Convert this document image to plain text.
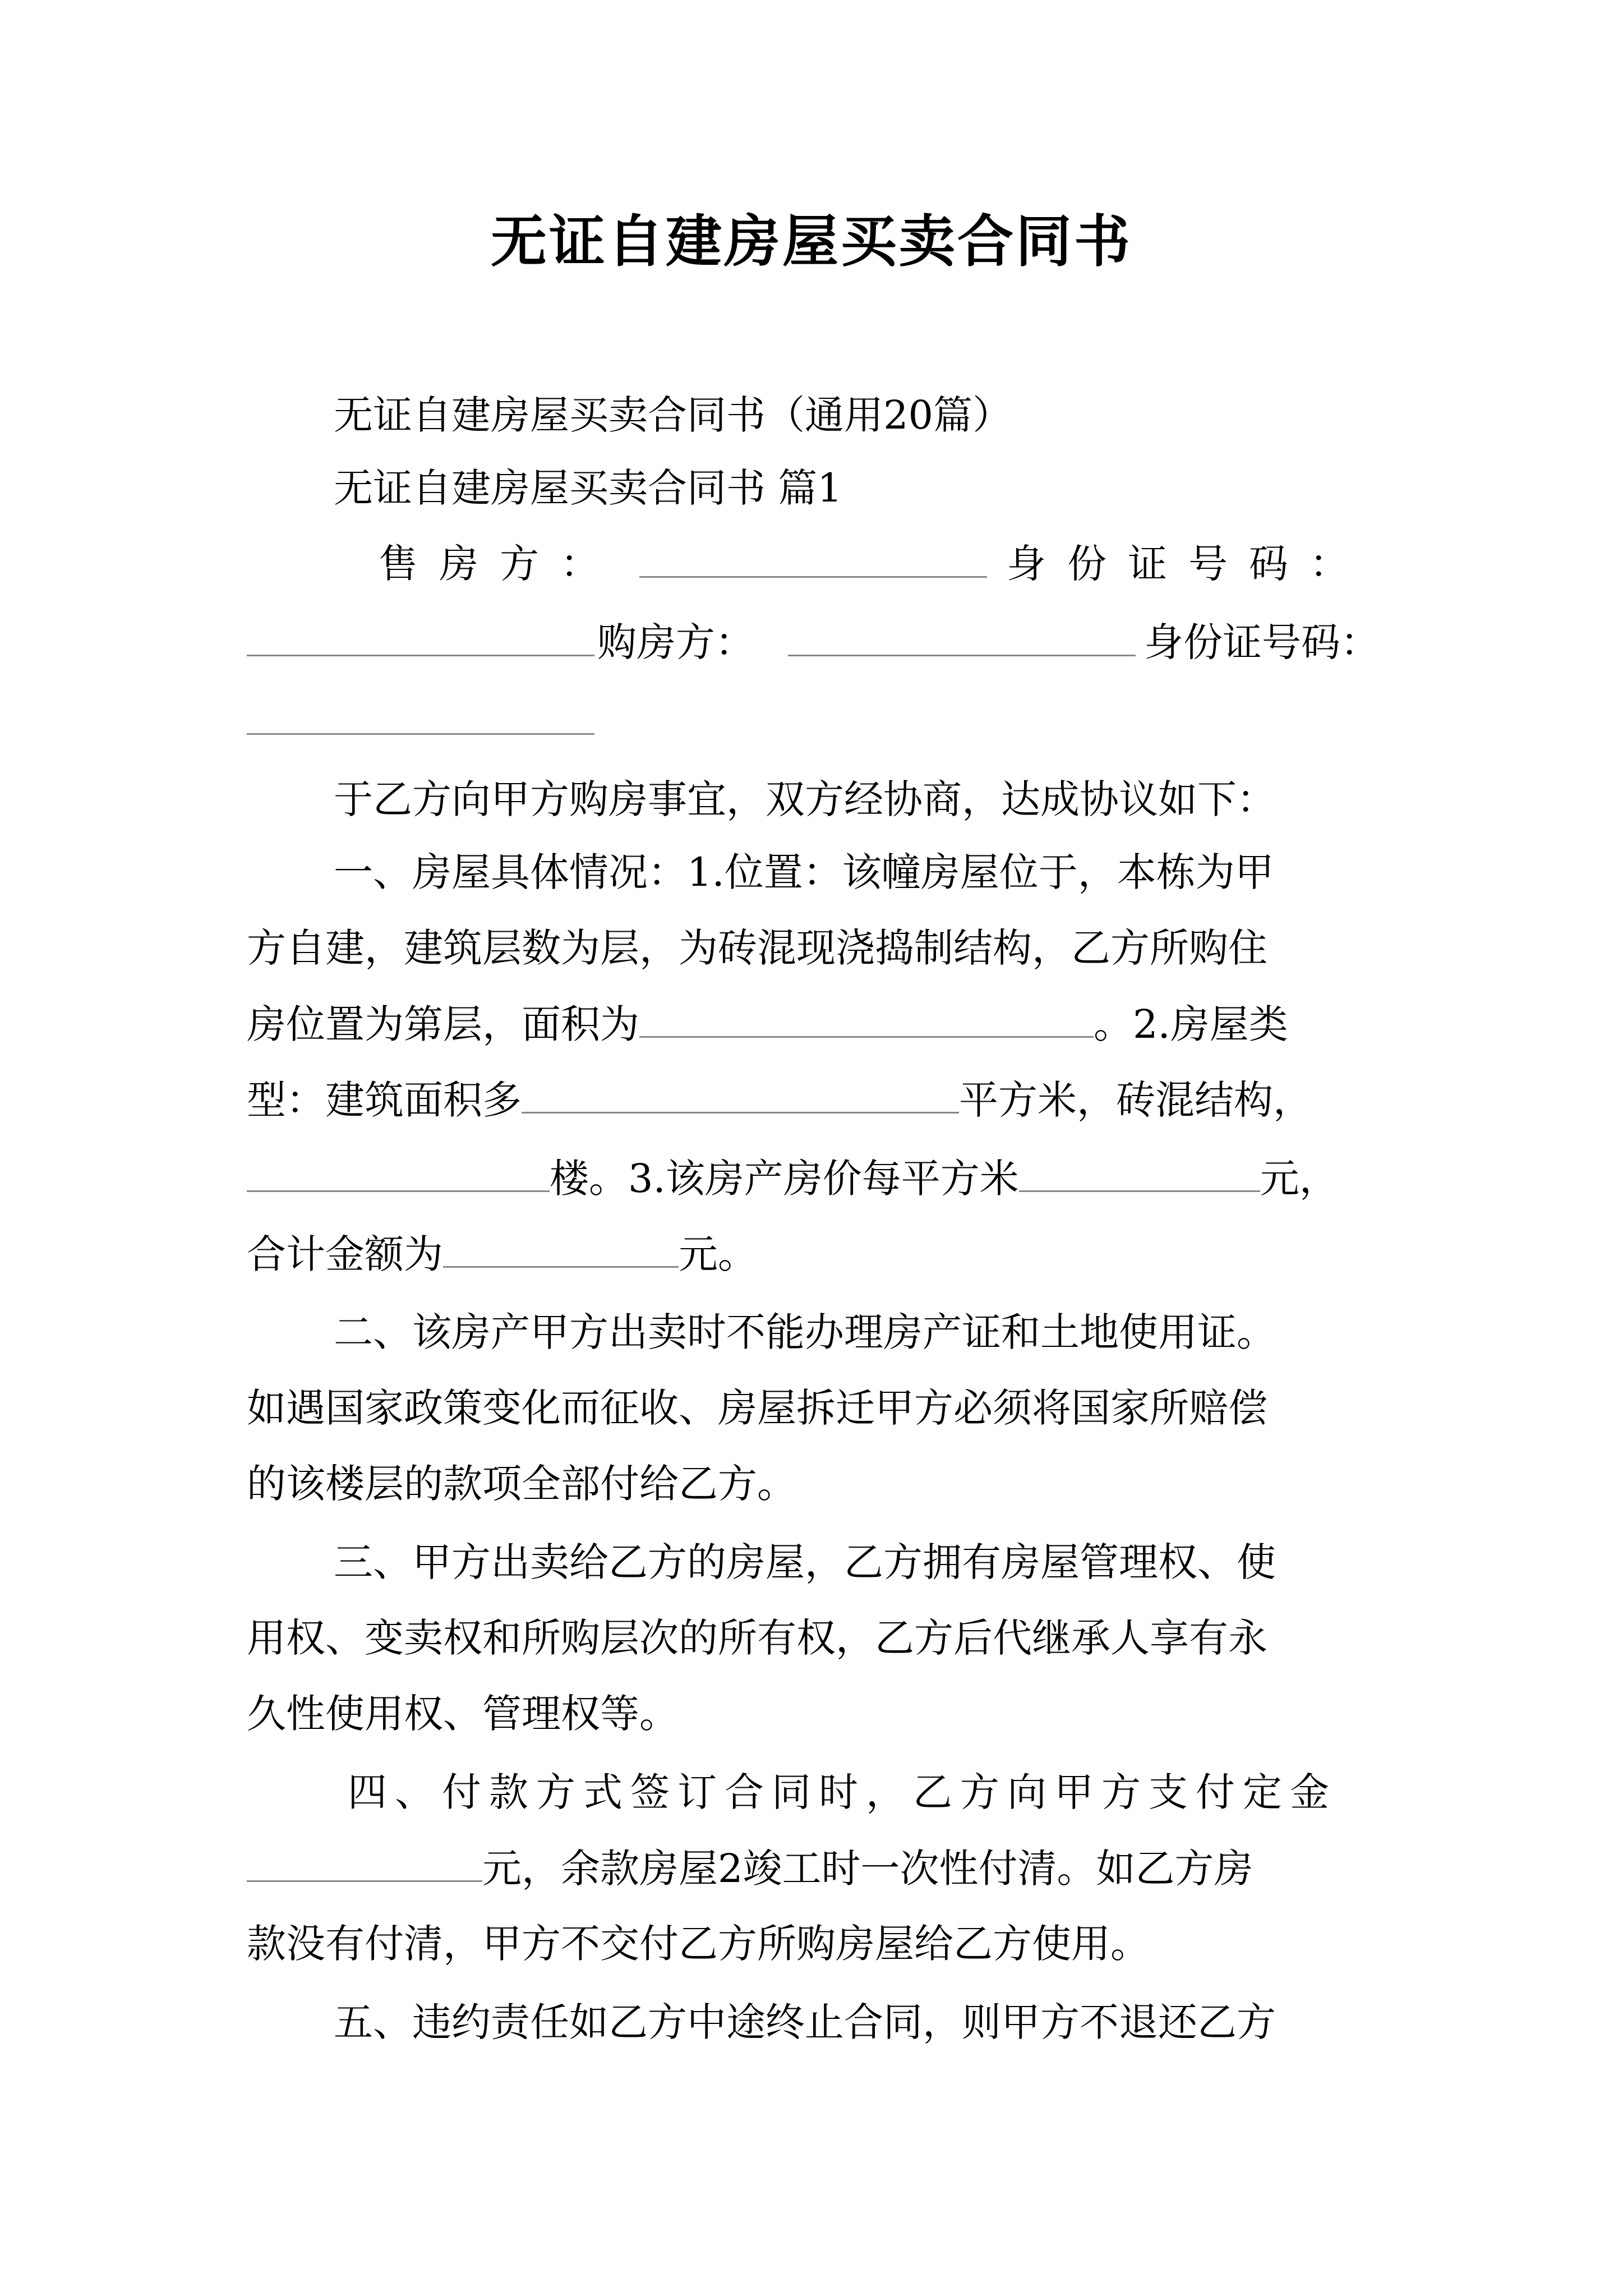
无证自建房屋买卖合同书
无证自建房屋买卖合同书（通用20篇）
无证自建房屋买卖合同书 篇1
售房方：	身份证号码：
购房方：	身份证号码：
于乙方向甲方购房事宜，双方经协商，达成协议如下：
一、房屋具体情况：1.位置：该幢房屋位于，本栋为甲
方自建，建筑层数为层，为砖混现浇捣制结构，乙方所购住
房位置为第层，面积为	。2.房屋类
型：建筑面积多	平方米，砖混结构，
楼。3.该房产房价每平方米	元，
合计金额为	元。
二、该房产甲方出卖时不能办理房产证和土地使用证。
如遇国家政策变化而征收、房屋拆迁甲方必须将国家所赔偿
的该楼层的款项全部付给乙方。
三、甲方出卖给乙方的房屋，乙方拥有房屋管理权、使
用权、变卖权和所购层次的所有权，乙方后代继承人享有永
久性使用权、管理权等。
四、付款方式签订合同时，乙方向甲方支付定金
元，余款房屋2竣工时一次性付清。如乙方房
款没有付清，甲方不交付乙方所购房屋给乙方使用。
五、违约责任如乙方中途终止合同，则甲方不退还乙方
